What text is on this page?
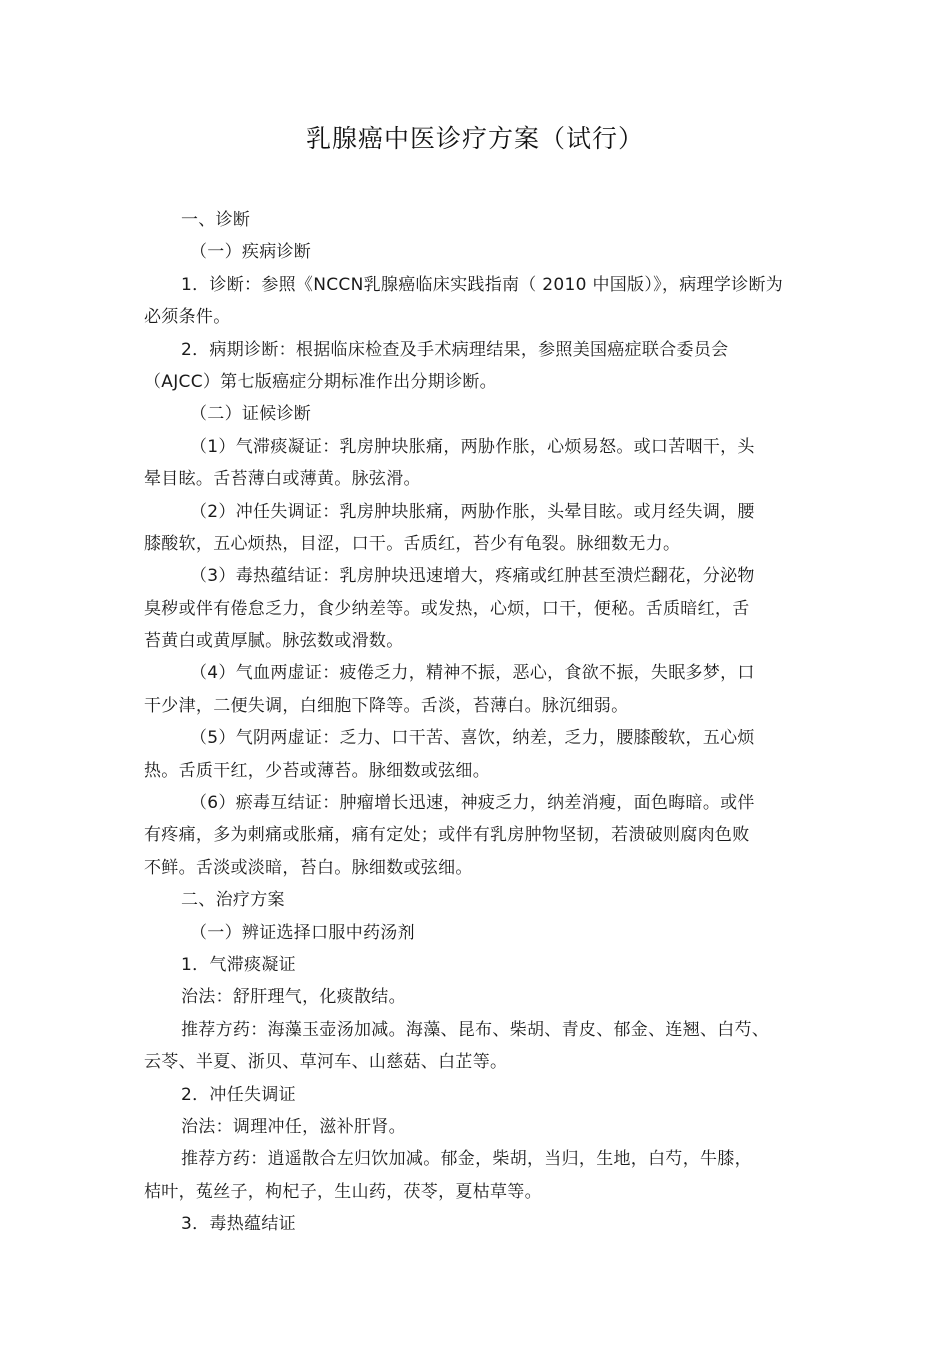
乳腺癌中医诊疗方案（试行）
一、诊断
（一）疾病诊断
1．诊断：参照《NCCN乳腺癌临床实践指南（ 2010 中国版）》，病理学诊断为
必须条件。
2．病期诊断：根据临床检查及手术病理结果，参照美国癌症联合委员会
（AJCC）第七版癌症分期标准作出分期诊断。
（二）证候诊断
（1）气滞痰凝证：乳房肿块胀痛，两胁作胀，心烦易怒。或口苦咽干，头
晕目眩。舌苔薄白或薄黄。脉弦滑。
（2）冲任失调证：乳房肿块胀痛，两胁作胀，头晕目眩。或月经失调，腰
膝酸软，五心烦热，目涩，口干。舌质红，苔少有龟裂。脉细数无力。
（3）毒热蕴结证：乳房肿块迅速增大，疼痛或红肿甚至溃烂翻花，分泌物
臭秽或伴有倦怠乏力，食少纳差等。或发热，心烦，口干，便秘。舌质暗红，舌
苔黄白或黄厚腻。脉弦数或滑数。
（4）气血两虚证：疲倦乏力，精神不振，恶心，食欲不振，失眠多梦，口
干少津，二便失调，白细胞下降等。舌淡，苔薄白。脉沉细弱。
（5）气阴两虚证：乏力、口干苦、喜饮，纳差，乏力，腰膝酸软，五心烦
热。舌质干红，少苔或薄苔。脉细数或弦细。
（6）瘀毒互结证：肿瘤增长迅速，神疲乏力，纳差消瘦，面色晦暗。或伴
有疼痛，多为刺痛或胀痛，痛有定处；或伴有乳房肿物坚韧，若溃破则腐肉色败
不鲜。舌淡或淡暗，苔白。脉细数或弦细。
二、治疗方案
（一）辨证选择口服中药汤剂
1．气滞痰凝证
治法：舒肝理气，化痰散结。
推荐方药：海藻玉壶汤加减。海藻、昆布、柴胡、青皮、郁金、连翘、白芍、
云苓、半夏、浙贝、草河车、山慈菇、白芷等。
2．冲任失调证
治法：调理冲任，滋补肝肾。
推荐方药：逍遥散合左归饮加减。郁金，柴胡，当归，生地，白芍，牛膝，
桔叶，菟丝子，枸杞子，生山药，茯苓，夏枯草等。
3．毒热蕴结证
